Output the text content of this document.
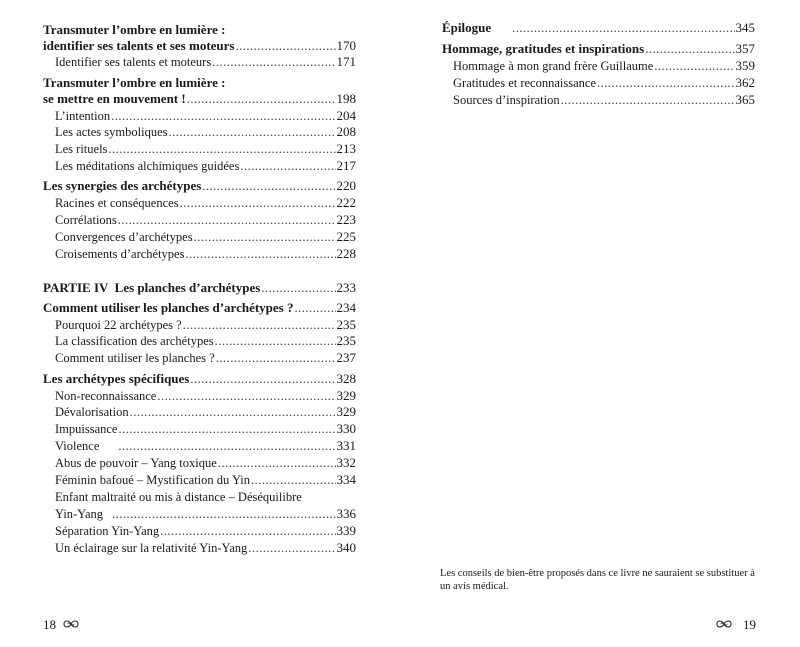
Transmuter l’ombre en lumière :
identifier ses talents et ses moteurs .....	170
Identifier ses talents et moteurs .....	171
Transmuter l’ombre en lumière :
se mettre en mouvement ! .....	198
L’intention .....	204
Les actes symboliques .....	208
Les rituels .....	213
Les méditations alchimiques guidées .....	217
Les synergies des archétypes .....	220
Racines et conséquences .....	222
Corrélations .....	223
Convergences d’archétypes .....	225
Croisements d’archétypes .....	228
PARTIE IV  Les planches d’archétypes .....	233
Comment utiliser les planches d’archétypes ? .....	234
Pourquoi 22 archétypes ? .....	235
La classification des archétypes .....	235
Comment utiliser les planches ? .....	237
Les archétypes spécifiques .....	328
Non-reconnaissance .....	329
Dévalorisation .....	329
Impuissance .....	330
Violence .....	331
Abus de pouvoir – Yang toxique .....	332
Féminin bafoué – Mystification du Yin .....	334
Enfant maltraité ou mis à distance – Déséquilibre
Yin-Yang .....	336
Séparation Yin-Yang .....	339
Un éclairage sur la relativité Yin-Yang .....	340
18
Épilogue .....	345
Hommage, gratitudes et inspirations .....	357
Hommage à mon grand frère Guillaume .....	359
Gratitudes et reconnaissance .....	362
Sources d’inspiration .....	365
Les conseils de bien-être proposés dans ce livre ne sauraient se substituer à un avis médical.
19
